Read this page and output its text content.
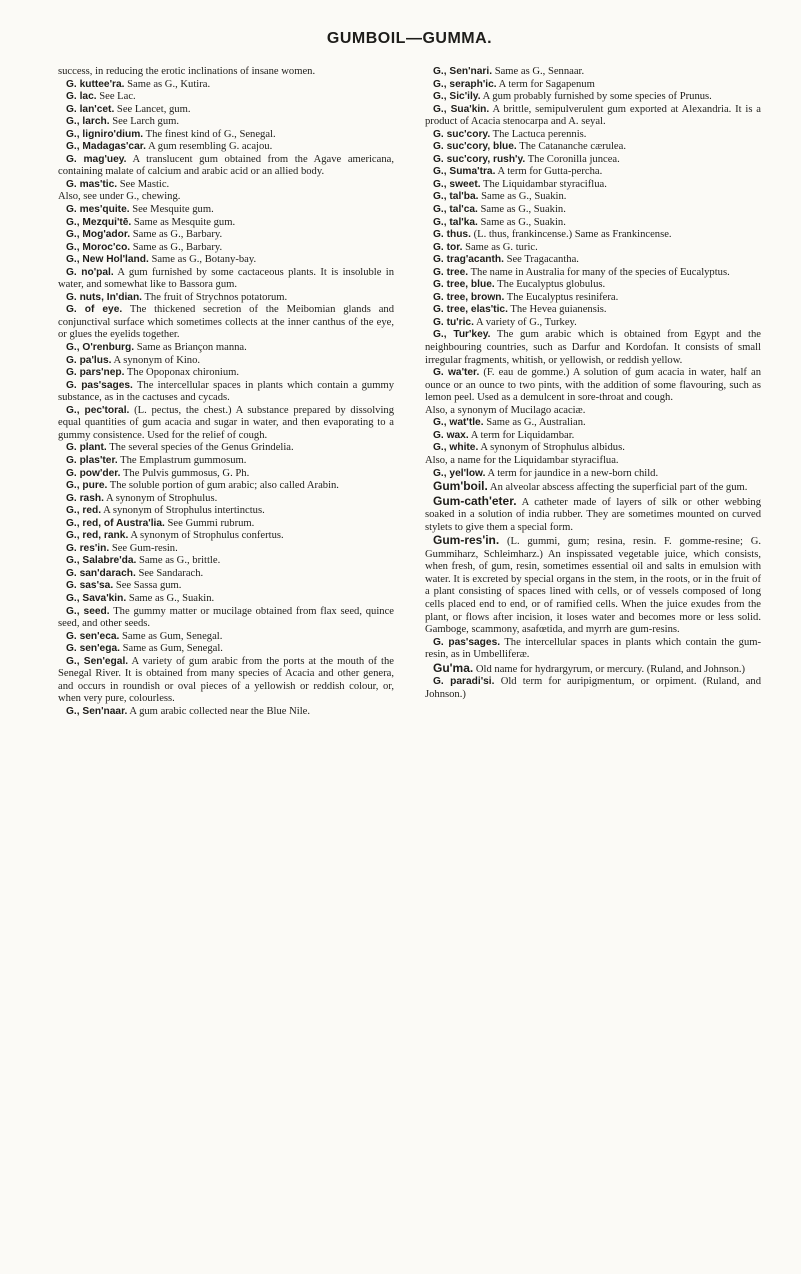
GUMBOIL—GUMMA.

success, in reducing the erotic inclinations of insane women.

G. kuttee'ra. Same as G., Kutira.

G. lac. See Lac.

G. lan'cet. See Lancet, gum.

G., larch. See Larch gum.

G., ligniro'dium. The finest kind of G., Senegal.

G., Madagas'car. A gum resembling G. acajou.

G. mag'uey. A translucent gum obtained from the Agave americana, containing malate of calcium and arabic acid or an allied body.

G. mas'tic. See Mastic.

Also, see under G., chewing.

G. mes'quite. See Mesquite gum.

G., Mezqui'tē. Same as Mesquite gum.

G., Mog'ador. Same as G., Barbary.

G., Moroc'co. Same as G., Barbary.

G., New Hol'land. Same as G., Botany-bay.

G. no'pal. A gum furnished by some cactaceous plants. It is insoluble in water, and somewhat like to Bassora gum.

G. nuts, In'dian. The fruit of Strychnos potatorum.

G. of eye. The thickened secretion of the Meibomian glands and conjunctival surface which sometimes collects at the inner canthus of the eye, or glues the eyelids together.

G., O'renburg. Same as Briançon manna.

G. pa'lus. A synonym of Kino.

G. pars'nep. The Opoponax chironium.

G. pas'sages. The intercellular spaces in plants which contain a gummy substance, as in the cactuses and cycads.

G., pec'toral. (L. pectus, the chest.) A substance prepared by dissolving equal quantities of gum acacia and sugar in water, and then evaporating to a gummy consistence. Used for the relief of cough.

G. plant. The several species of the Genus Grindelia.

G. plas'ter. The Emplastrum gummosum.

G. pow'der. The Pulvis gummosus, G. Ph.

G., pure. The soluble portion of gum arabic; also called Arabin.

G. rash. A synonym of Strophulus.

G., red. A synonym of Strophulus intertinctus.

G., red, of Austra'lia. See Gummi rubrum.

G., red, rank. A synonym of Strophulus confertus.

G. res'in. See Gum-resin.

G., Salabre'da. Same as G., brittle.

G. san'darach. See Sandarach.

G. sas'sa. See Sassa gum.

G., Sava'kin. Same as G., Suakin.

G., seed. The gummy matter or mucilage obtained from flax seed, quince seed, and other seeds.

G. sen'eca. Same as Gum, Senegal.

G. sen'ega. Same as Gum, Senegal.

G., Sen'egal. A variety of gum arabic from the ports at the mouth of the Senegal River. It is obtained from many species of Acacia and other genera, and occurs in roundish or oval pieces of a yellowish or reddish colour, or, when very pure, colourless.

G., Sen'naar. A gum arabic collected near the Blue Nile.

G., Sen'nari. Same as G., Sennaar.

G., seraph'ic. A term for Sagapenum

G., Sic'ily. A gum probably furnished by some species of Prunus.

G., Sua'kin. A brittle, semipulverulent gum exported at Alexandria. It is a product of Acacia stenocarpa and A. seyal.

G. suc'cory. The Lactuca perennis.

G. suc'cory, blue. The Catananche cærulea.

G. suc'cory, rush'y. The Coronilla juncea.

G., Suma'tra. A term for Gutta-percha.

G., sweet. The Liquidambar styraciflua.

G., tal'ba. Same as G., Suakin.

G., tal'ca. Same as G., Suakin.

G., tal'ka. Same as G., Suakin.

G. thus. (L. thus, frankincense.) Same as Frankincense.

G. tor. Same as G. turic.

G. trag'acanth. See Tragacantha.

G. tree. The name in Australia for many of the species of Eucalyptus.

G. tree, blue. The Eucalyptus globulus.

G. tree, brown. The Eucalyptus resinifera.

G. tree, elas'tic. The Hevea guianensis.

G. tu'ric. A variety of G., Turkey.

G., Tur'key. The gum arabic which is obtained from Egypt and the neighbouring countries, such as Darfur and Kordofan. It consists of small irregular fragments, whitish, or yellowish, or reddish yellow.

G. wa'ter. (F. eau de gomme.) A solution of gum acacia in water, half an ounce or an ounce to two pints, with the addition of some flavouring, such as lemon peel. Used as a demulcent in sore-throat and cough.

Also, a synonym of Mucilago acaciæ.

G., wat'tle. Same as G., Australian.

G. wax. A term for Liquidambar.

G., white. A synonym of Strophulus albidus.

Also, a name for the Liquidambar styraciflua.

G., yel'low. A term for jaundice in a new-born child.

Gum'boil. An alveolar abscess affecting the superficial part of the gum.

Gum-cath'eter. A catheter made of layers of silk or other webbing soaked in a solution of india rubber. They are sometimes mounted on curved stylets to give them a special form.

Gum-res'in. (L. gummi, gum; resina, resin. F. gomme-resine; G. Gummiharz, Schleimharz.) An inspissated vegetable juice, which consists, when fresh, of gum, resin, sometimes essential oil and salts in emulsion with water. It is excreted by special organs in the stem, in the roots, or in the fruit of a plant consisting of spaces lined with cells, or of vessels composed of long cells placed end to end, or of ramified cells. When the juice exudes from the plant, or flows after incision, it loses water and becomes more or less solid. Gamboge, scammony, asafœtida, and myrrh are gum-resins.

G. pas'sages. The intercellular spaces in plants which contain the gum-resin, as in Umbelliferæ.

Gu'ma. Old name for hydrargyrum, or mercury. (Ruland, and Johnson.)

G. paradi'si. Old term for auripigmentum, or orpiment. (Ruland, and Johnson.)
